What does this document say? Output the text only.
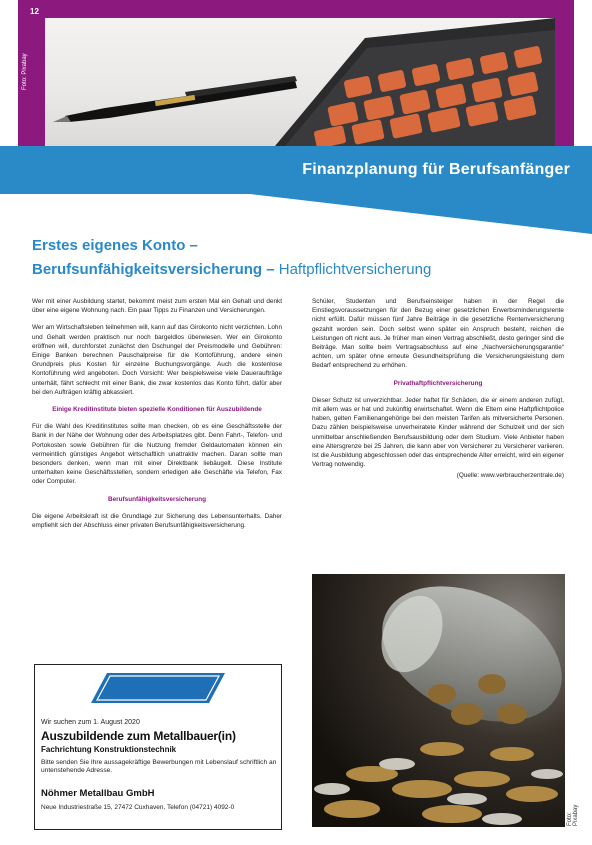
12
Foto: Pixabay
Finanzplanung für Berufsanfänger
Erstes eigenes Konto –
Berufsunfähigkeitsversicherung – Haftpflichtversicherung

Wer mit einer Ausbildung startet, bekommt meist zum ersten Mal ein Gehalt und denkt über eine eigene Wohnung nach. Ein paar Tipps zu Finanzen und Versicherungen.

Wer am Wirtschaftsleben teilnehmen will, kann auf das Girokonto nicht verzichten. Lohn und Gehalt werden praktisch nur noch bargeldlos überwiesen. Wer ein Girokonto eröffnen will, durchforstet zunächst den Dschungel der Preismodelle und Gebühren: Einige Banken berechnen Pauschalpreise für die Kontoführung, andere einen Grundpreis plus Kosten für einzelne Buchungsvorgänge. Auch die kostenlose Kontoführung wird angeboten. Doch Vorsicht: Wer beispielsweise viele Daueraufträge unterhält, fährt schlecht mit einer Bank, die zwar kostenlos das Konto führt, dafür aber bei den Aufträgen kräftig abkassiert.

Einige Kreditinstitute bieten spezielle Konditionen für Auszubildende

Für die Wahl des Kreditinstitutes sollte man checken, ob es eine Geschäftsstelle der Bank in der Nähe der Wohnung oder des Arbeitsplatzes gibt. Denn Fahrt-, Telefon- und Portokosten sowie Gebühren für die Nutzung fremder Geldautomaten können ein vermeintlich günstiges Angebot wirtschaftlich unattraktiv machen. Daran sollte man besonders denken, wenn man mit einer Direktbank liebäugelt. Diese Institute unterhalten keine Geschäftsstellen, sondern erledigen alle Geschäfte via Telefon, Fax oder Computer.

Berufsunfähigkeitsversicherung

Die eigene Arbeitskraft ist die Grundlage zur Sicherung des Lebensunterhalts. Daher empfiehlt sich der Abschluss einer privaten Berufsunfähigkeitsversicherung.

Schüler, Studenten und Berufseinsteiger haben in der Regel die Einstiegsvoraussetzungen für den Bezug einer gesetzlichen Erwerbsminderungsrente nicht erfüllt. Dafür müssen fünf Jahre Beiträge in die gesetzliche Rentenversicherung gezahlt worden sein. Doch selbst wenn später ein Anspruch besteht, reichen die Leistungen oft nicht aus. Je früher man einen Vertrag abschließt, desto geringer sind die Beiträge. Man sollte beim Vertragsabschluss auf eine „Nachversicherungsgarantie“ achten, um später ohne erneute Gesundheitsprüfung die Versicherungsleistung dem Bedarf entsprechend zu erhöhen.

Privathaftpflichtversicherung

Dieser Schutz ist unverzichtbar. Jeder haftet für Schäden, die er einem anderen zufügt, mit allem was er hat und zukünftig erwirtschaftet. Wenn die Eltern eine Haftpflichtpolice haben, gelten Familienangehörige bei den meisten Tarifen als mitversicherte Personen. Dazu zählen beispielsweise unverheiratete Kinder während der Schulzeit und der sich unmittelbar anschließenden Berufsausbildung oder dem Studium. Viele Anbieter haben eine Altersgrenze bei 25 Jahren, die kann aber von Versicherer zu Versicherer variieren. Ist die Ausbildung abgeschlossen oder das entsprechende Alter erreicht, wird ein eigener Vertrag notwendig.

(Quelle: www.verbraucherzentrale.de)

Foto: Pixabay
Wir suchen zum 1. August 2020
Auszubildende zum Metallbauer(in)
Fachrichtung Konstruktionstechnik
Bitte senden Sie Ihre aussagekräftige Bewerbungen mit Lebenslauf schriftlich an untenstehende Adresse.
Nöhmer Metallbau GmbH
Neue Industriestraße 15, 27472 Cuxhaven, Telefon (04721) 4092-0
